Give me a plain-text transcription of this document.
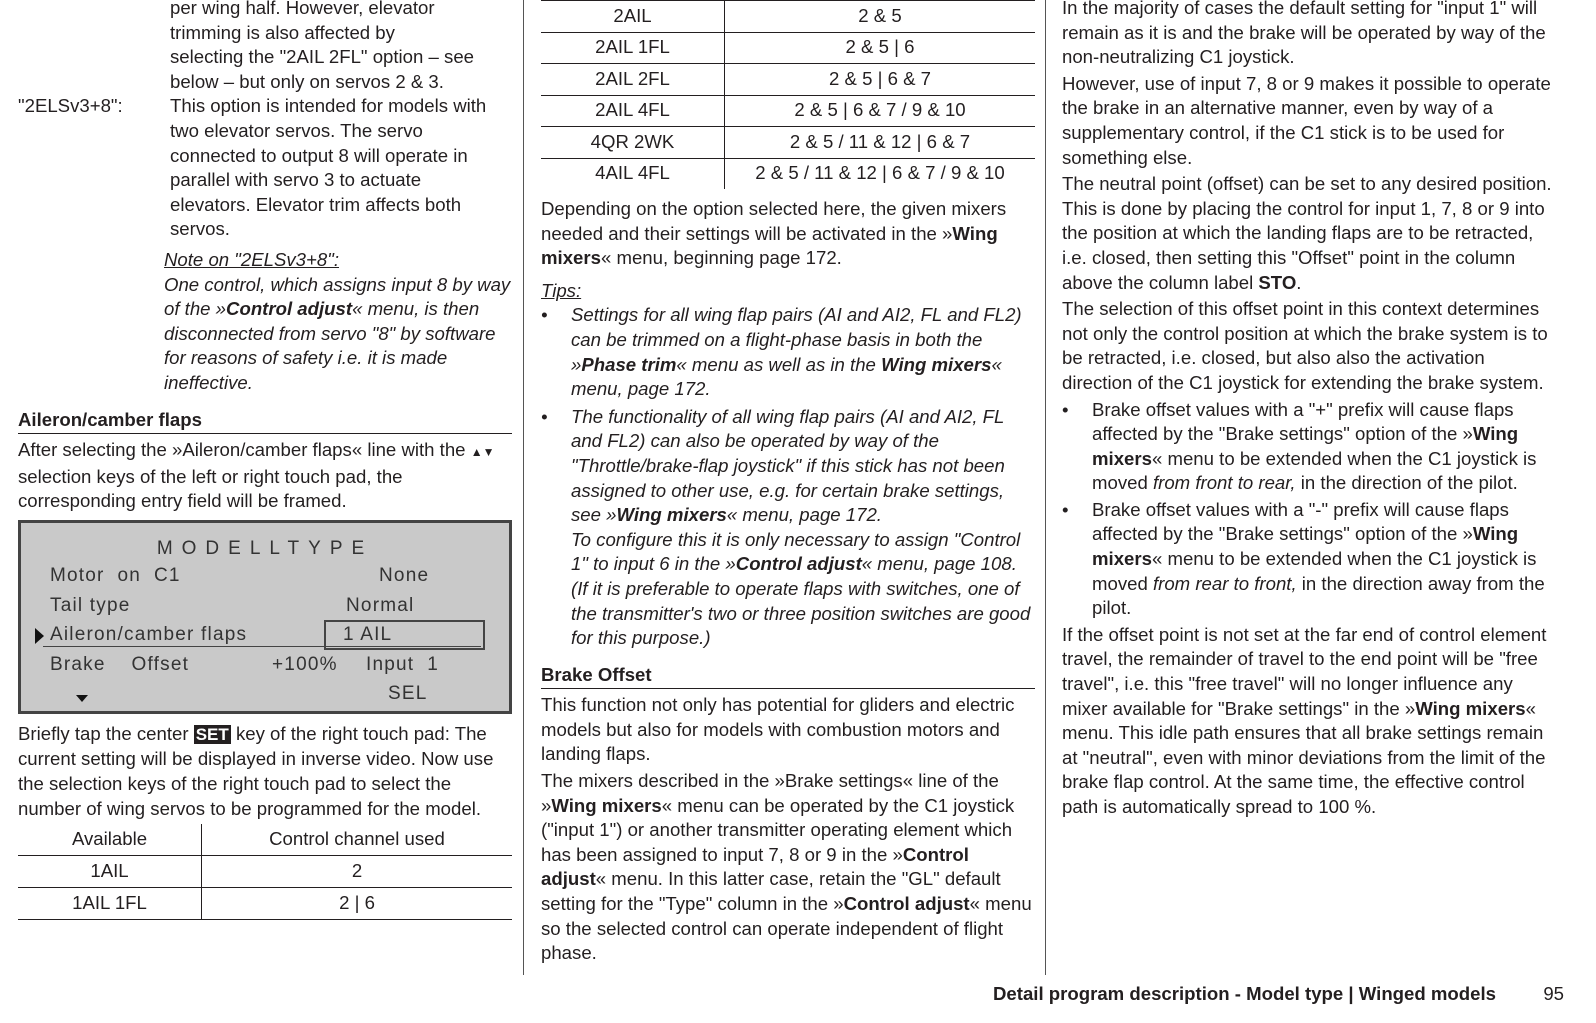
per wing half. However, elevator
trimming is also affected by
selecting the "2AIL 2FL" option – see
below – but only on servos 2 & 3.
"2ELSv3+8":	This option is intended for models with two elevator servos. The servo connected to output 8 will operate in parallel with servo 3 to actuate elevators. Elevator trim affects both servos.
Note on "2ELSv3+8":
One control, which assigns input 8 by way of the »Control adjust« menu, is then disconnected from servo "8" by software for reasons of safety i.e. it is made ineffective.
Aileron/camber flaps

After selecting the »Aileron/camber flaps« line with the ▲▼ selection keys of the left or right touch pad, the corresponding entry field will be framed.

MODELLTYPE
Motor  on  C1	None
Tail type	Normal
Aileron/camber flaps	1 AIL
Brake    Offset	+100% Input  1
SEL

Briefly tap the center SET key of the right touch pad: The current setting will be displayed in inverse video. Now use the selection keys of the right touch pad to select the number of wing servos to be programmed for the model.

Available	Control channel used
1AIL	2
1AIL 1FL	2 | 6
2AIL	2 & 5
2AIL 1FL	2 & 5 | 6
2AIL 2FL	2 & 5 | 6 & 7
2AIL 4FL	2 & 5 | 6 & 7 / 9 & 10
4QR 2WK	2 & 5 / 11 & 12 | 6 & 7
4AIL 4FL	2 & 5 / 11 & 12 | 6 & 7 / 9 & 10

Depending on the option selected here, the given mixers needed and their settings will be activated in the »Wing mixers« menu, beginning page 172.

Tips:
• Settings for all wing flap pairs (AI and AI2, FL and FL2) can be trimmed on a flight-phase basis in both the »Phase trim« menu as well as in the Wing mixers« menu, page 172.
• The functionality of all wing flap pairs (AI and AI2, FL and FL2) can also be operated by way of the "Throttle/brake-flap joystick" if this stick has not been assigned to other use, e.g. for certain brake settings, see »Wing mixers« menu, page 172.
To configure this it is only necessary to assign "Control 1" to input 6 in the »Control adjust« menu, page 108. (If it is preferable to operate flaps with switches, one of the transmitter's two or three position switches are good for this purpose.)
Brake Offset

This function not only has potential for gliders and electric models but also for models with combustion motors and landing flaps.

The mixers described in the »Brake settings« line of the »Wing mixers« menu can be operated by the C1 joystick ("input 1") or another transmitter operating element which has been assigned to input 7, 8 or 9 in the »Control adjust« menu. In this latter case, retain the "GL" default setting for the "Type" column in the »Control adjust« menu so the selected control can operate independent of flight phase.

In the majority of cases the default setting for "input 1" will remain as it is and the brake will be operated by way of the non-neutralizing C1 joystick.

However, use of input 7, 8 or 9 makes it possible to operate the brake in an alternative manner, even by way of a supplementary control, if the C1 stick is to be used for something else.

The neutral point (offset) can be set to any desired position. This is done by placing the control for input 1, 7, 8 or 9 into the position at which the landing flaps are to be retracted, i.e. closed, then setting this "Offset" point in the column above the column label STO.

The selection of this offset point in this context determines not only the control position at which the brake system is to be retracted, i.e. closed, but also also the activation direction of the C1 joystick for extending the brake system.

• Brake offset values with a "+" prefix will cause flaps affected by the "Brake settings" option of the »Wing mixers« menu to be extended when the C1 joystick is moved from front to rear, in the direction of the pilot.
• Brake offset values with a "-" prefix will cause flaps affected by the "Brake settings" option of the »Wing mixers« menu to be extended when the C1 joystick is moved from rear to front, in the direction away from the pilot.

If the offset point is not set at the far end of control element travel, the remainder of travel to the end point will be "free travel", i.e. this "free travel" will no longer influence any mixer available for "Brake settings" in the »Wing mixers« menu. This idle path ensures that all brake settings remain at "neutral", even with minor deviations from the limit of the brake flap control. At the same time, the effective control path is automatically spread to 100 %.

Detail program description - Model type | Winged models	95
